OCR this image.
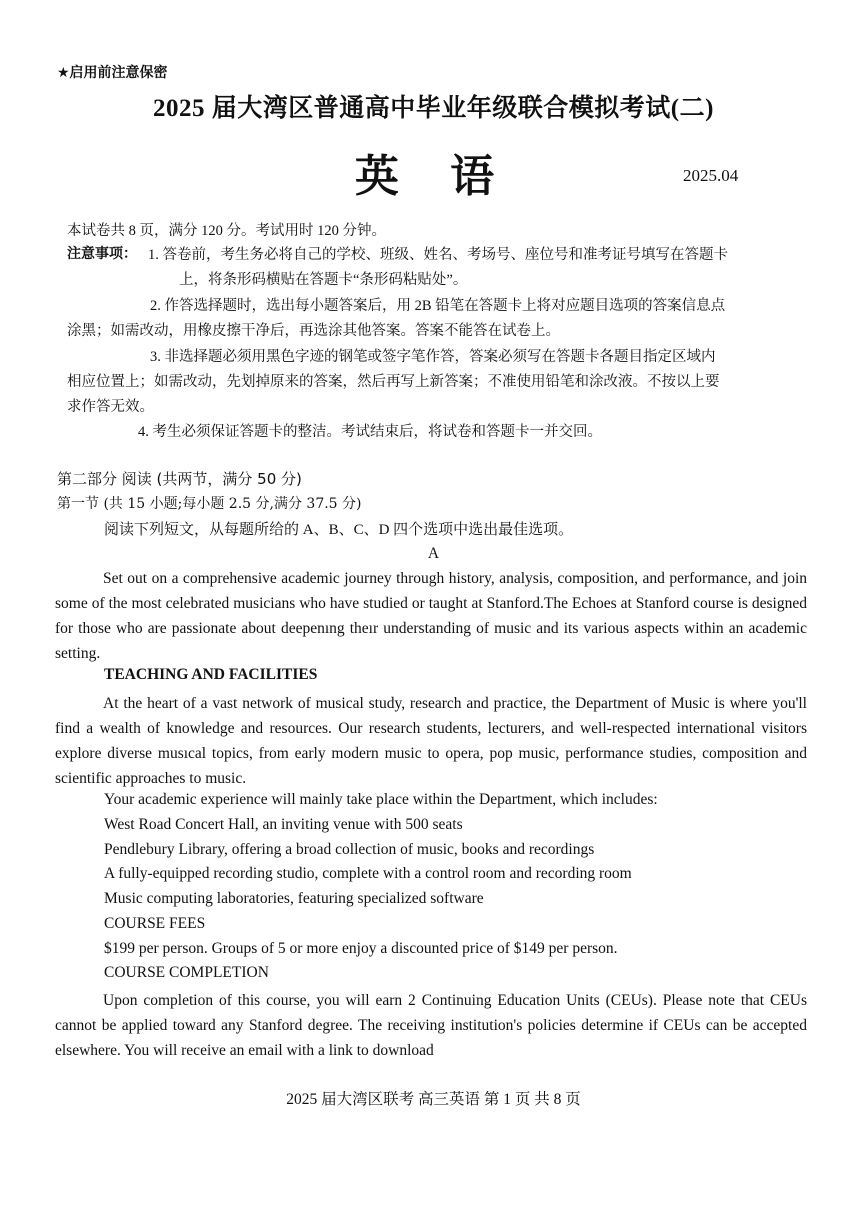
★启用前注意保密
2025 届大湾区普通高中毕业年级联合模拟考试(二)
英 语	2025.04
本试卷共 8 页，满分 120 分。考试用时 120 分钟。
注意事项： 1. 答卷前，考生务必将自己的学校、班级、姓名、考场号、座位号和准考证号填写在答题卡
上，将条形码横贴在答题卡“条形码粘贴处”。
2. 作答选择题时，选出每小题答案后，用 2B 铅笔在答题卡上将对应题目选项的答案信息点
涂黑；如需改动，用橡皮擦干净后，再选涂其他答案。答案不能答在试卷上。
3. 非选择题必须用黑色字迹的钢笔或签字笔作答，答案必须写在答题卡各题目指定区域内
相应位置上；如需改动，先划掉原来的答案，然后再写上新答案；不准使用铅笔和涂改液。不按以上要
求作答无效。
4. 考生必须保证答题卡的整洁。考试结束后，将试卷和答题卡一并交回。
第二部分 阅读 (共两节，满分 50 分)
第一节 (共 15 小题;每小题 2.5 分,满分 37.5 分)
阅读下列短文，从每题所给的 A、B、C、D 四个选项中选出最佳选项。
A
Set out on a comprehensive academic journey through history, analysis, composition, and performance, and join some of the most celebrated musicians who have studied or taught at Stanford.The Echoes at Stanford course is designed for those who are passionate about deepenıng theır understanding of music and its various aspects within an academic setting.
TEACHING AND FACILITIES
At the heart of a vast network of musical study, research and practice, the Department of Music is where you'll find a wealth of knowledge and resources. Our research students, lecturers, and well-respected international visitors explore diverse musıcal topics, from early modern music to opera, pop music, performance studies, composition and scientific approaches to music.
Your academic experience will mainly take place within the Department, which includes:
West Road Concert Hall, an inviting venue with 500 seats
Pendlebury Library, offering a broad collection of music, books and recordings
A fully-equipped recording studio, complete with a control room and recording room
Music computing laboratories, featuring specialized software
COURSE FEES
$199 per person. Groups of 5 or more enjoy a discounted price of $149 per person.
COURSE COMPLETION
Upon completion of this course, you will earn 2 Continuing Education Units (CEUs). Please note that CEUs cannot be applied toward any Stanford degree. The receiving institution's policies determine if CEUs can be accepted elsewhere. You will receive an email with a link to download
2025 届大湾区联考 高三英语 第 1 页 共 8 页
